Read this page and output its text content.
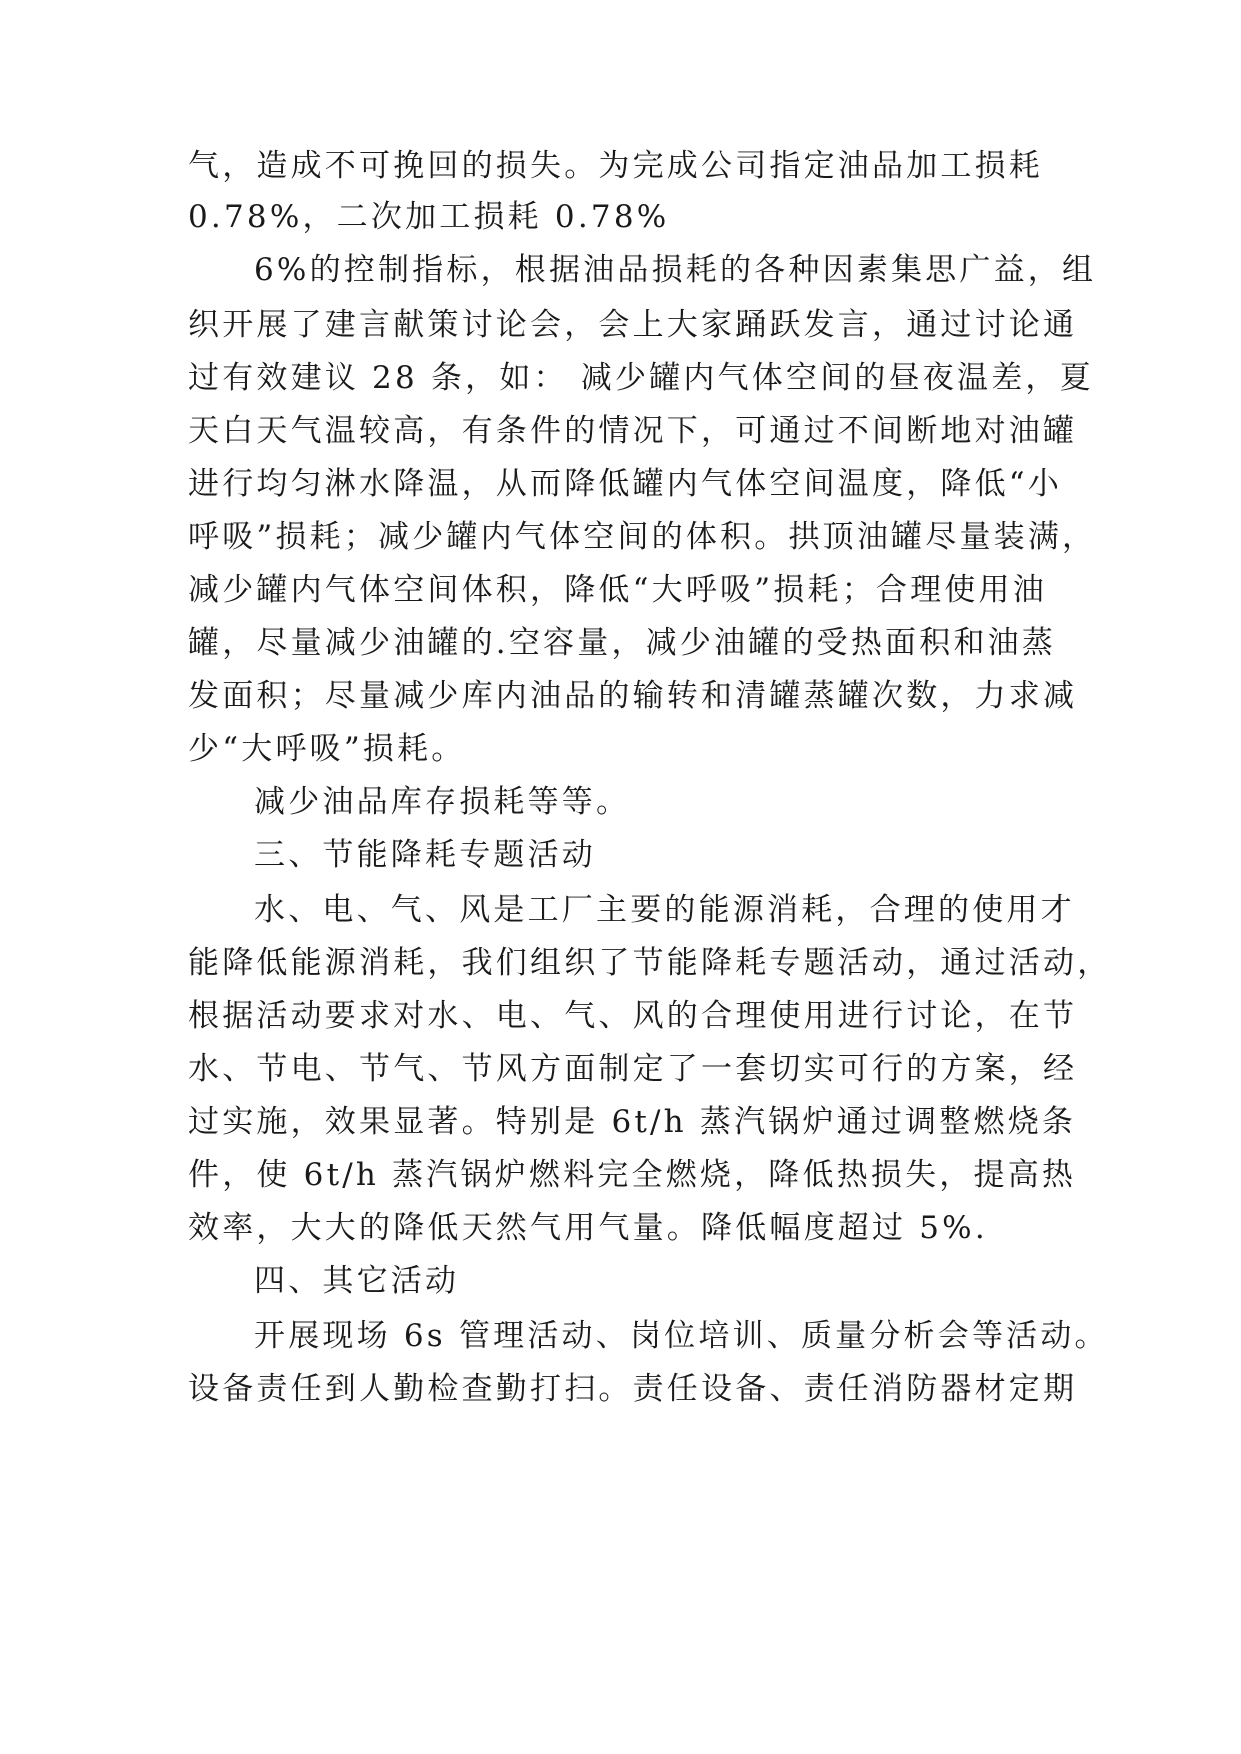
气，造成不可挽回的损失。为完成公司指定油品加工损耗
0.78%，二次加工损耗 0.78%
6%的控制指标，根据油品损耗的各种因素集思广益，组
织开展了建言献策讨论会，会上大家踊跃发言，通过讨论通
过有效建议 28 条，如： 减少罐内气体空间的昼夜温差，夏
天白天气温较高，有条件的情况下，可通过不间断地对油罐
进行均匀淋水降温，从而降低罐内气体空间温度，降低“小
呼吸”损耗；减少罐内气体空间的体积。拱顶油罐尽量装满，
减少罐内气体空间体积，降低“大呼吸”损耗；合理使用油
罐，尽量减少油罐的.空容量，减少油罐的受热面积和油蒸
发面积；尽量减少库内油品的输转和清罐蒸罐次数，力求减
少“大呼吸”损耗。
减少油品库存损耗等等。
三、节能降耗专题活动
水、电、气、风是工厂主要的能源消耗，合理的使用才
能降低能源消耗，我们组织了节能降耗专题活动，通过活动，
根据活动要求对水、电、气、风的合理使用进行讨论，在节
水、节电、节气、节风方面制定了一套切实可行的方案，经
过实施，效果显著。特别是 6t/h 蒸汽锅炉通过调整燃烧条
件，使 6t/h 蒸汽锅炉燃料完全燃烧，降低热损失，提高热
效率，大大的降低天然气用气量。降低幅度超过 5%.
四、其它活动
开展现场 6s 管理活动、岗位培训、质量分析会等活动。
设备责任到人勤检查勤打扫。责任设备、责任消防器材定期
